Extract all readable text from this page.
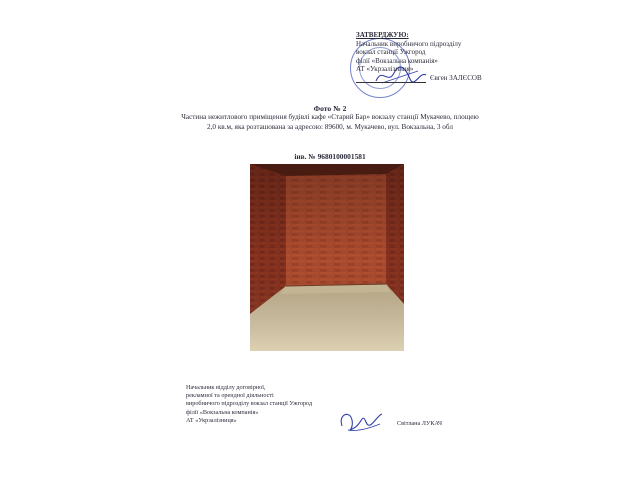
ЗАТВЕРДЖУЮ:
Начальник виробничого підрозділу
вокзал станції Ужгород
філії «Вокзальна компанія»
АТ «Укрзалізниця»
Євген ЗАЛЄСОВ
Фото № 2
Частина нежитлового приміщення будівлі кафе «Старий Бар» вокзалу станції Мукачево, площею 2,0 кв.м, яка розташована за адресою: 89600, м. Мукачево, вул. Вокзальна, 3 обл
інв. № 9680100001581
Начальник відділу договірної,
рекламної та орендної діяльності
виробничого підрозділу вокзал станції Ужгород
філії «Вокзальна компанія»
АТ «Укрзалізниця»	Світлана ЛУКАЧ
